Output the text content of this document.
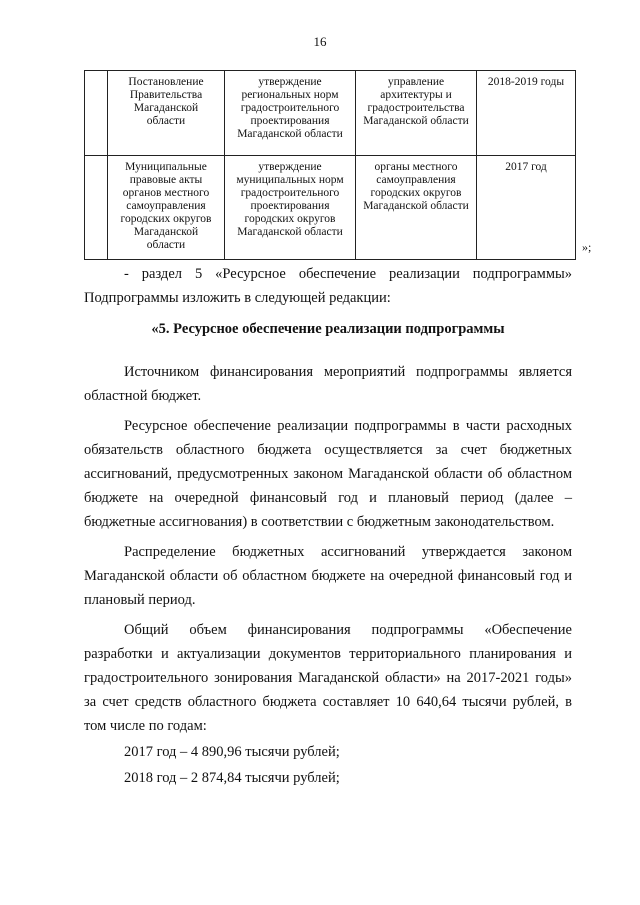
16
	Постановление Правительства Магаданской области	утверждение региональных норм градостроительного проектирования Магаданской области	управление архитектуры и градостроительства Магаданской области	2018-2019 годы
	Муниципальные правовые акты органов местного самоуправления городских округов Магаданской области	утверждение муниципальных норм градостроительного проектирования городских округов Магаданской области	органы местного самоуправления городских округов Магаданской области	2017 год
»;

- раздел 5 «Ресурсное обеспечение реализации подпрограммы» Подпрограммы изложить в следующей редакции:

«5. Ресурсное обеспечение реализации подпрограммы

Источником финансирования мероприятий подпрограммы является областной бюджет.

Ресурсное обеспечение реализации подпрограммы в части расходных обязательств областного бюджета осуществляется за счет бюджетных ассигнований, предусмотренных законом Магаданской области об областном бюджете на очередной финансовый год и плановый период (далее – бюджетные ассигнования) в соответствии с бюджетным законодательством.

Распределение бюджетных ассигнований утверждается законом Магаданской области об областном бюджете на очередной финансовый год и плановый период.

Общий объем финансирования подпрограммы «Обеспечение разработки и актуализации документов территориального планирования и градостроительного зонирования Магаданской области» на 2017-2021 годы» за счет средств областного бюджета составляет 10 640,64 тысячи рублей, в том числе по годам:

2017 год – 4 890,96 тысячи рублей;

2018 год – 2 874,84 тысячи рублей;
